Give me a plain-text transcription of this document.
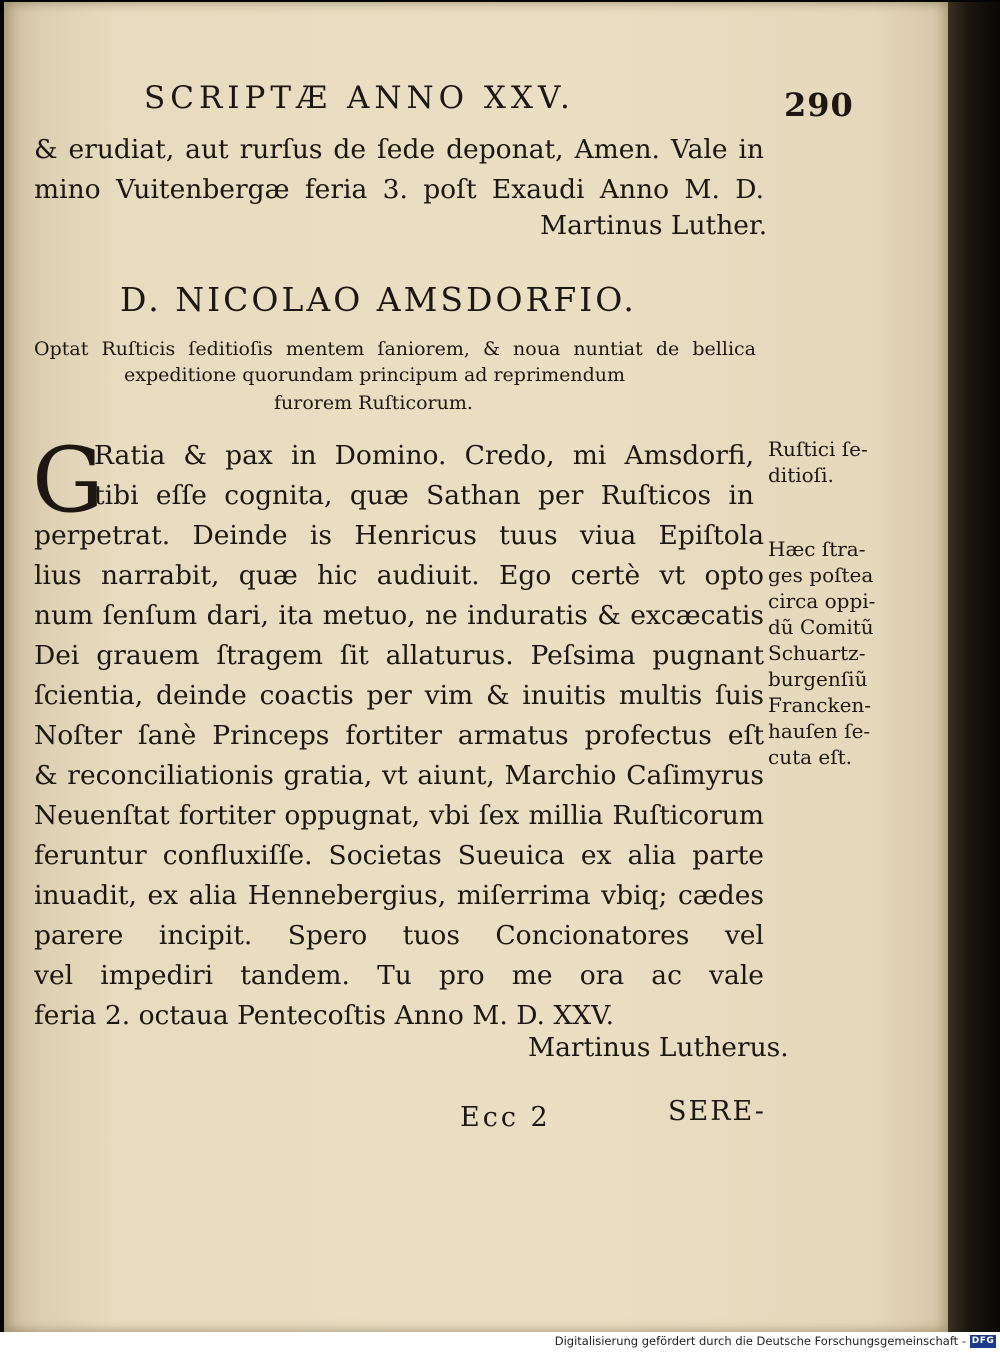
SCRIPTÆ ANNO XXV.	290
& erudiat, aut rurſus de ſede deponat, Amen. Vale in
mino Vuitenbergæ feria 3. poſt Exaudi Anno M. D.
Martinus Luther.
D. NICOLAO AMSDORFIO.
Optat Ruſticis ſeditioſis mentem ſaniorem, & noua nuntiat de bellica
expeditione quorundam principum ad reprimendum
furorem Ruſticorum.
G
Ratia & pax in Domino. Credo, mi Amsdorfi,
tibi eſſe cognita, quæ Sathan per Ruſticos in
perpetrat. Deinde is Henricus tuus viua Epiſtola
lius narrabit, quæ hic audiuit. Ego certè vt opto
num ſenſum dari, ita metuo, ne induratis & excæcatis
Dei grauem ſtragem ſit allaturus. Peſsima pugnant
ſcientia, deinde coactis per vim & inuitis multis ſuis
Noſter ſanè Princeps fortiter armatus profectus eſt
& reconciliationis gratia, vt aiunt, Marchio Caſimyrus
Neuenſtat fortiter oppugnat, vbi ſex millia Ruſticorum
feruntur confluxiſſe. Societas Sueuica ex alia parte
inuadit, ex alia Hennebergius, miſerrima vbiq; cædes
parere incipit. Spero tuos Concionatores vel
vel impediri tandem. Tu pro me ora ac vale
feria 2. octaua Pentecoſtis Anno M. D. XXV.
Ruſtici ſe-
ditioſi.
Hæc ſtra-
ges poſtea
circa oppi-
dũ Comitũ
Schuartz-
burgenſiũ
Francken-
hauſen ſe-
cuta eſt.
Martinus Lutherus.
Ecc 2	SERE-
Digitalisierung gefördert durch die Deutsche Forschungsgemeinschaft - DFG
